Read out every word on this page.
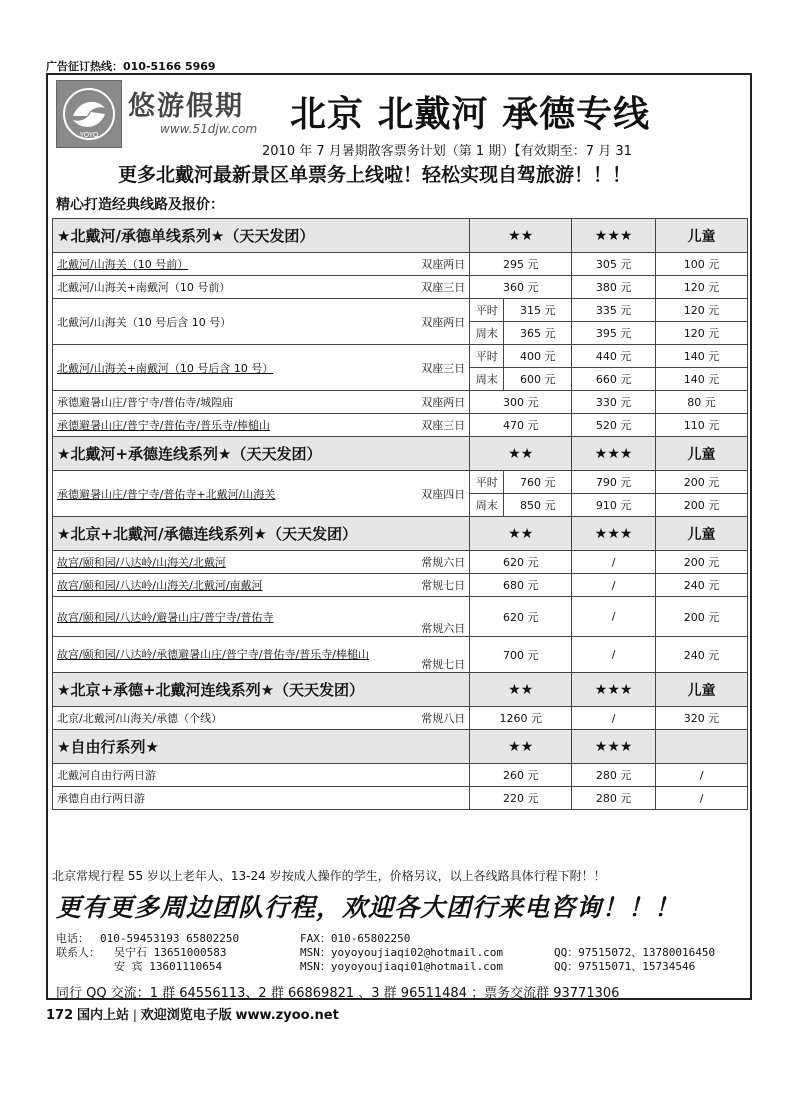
广告征订热线：010-5166 5969
YOYO
悠游假期
www.51djw.com 北京 北戴河 承德专线
2010 年 7 月暑期散客票务计划（第 1 期）【有效期至：7 月 31
更多北戴河最新景区单票务上线啦！轻松实现自驾旅游！！！
精心打造经典线路及报价：
★北戴河/承德单线系列★（天天发团）		★★		★★★	儿童
北戴河/山海关（10 号前）	双座两日	295 元		305 元	100 元
北戴河/山海关+南戴河（10 号前）	双座三日	360 元		380 元	120 元
北戴河/山海关（10 号后含 10 号）	双座两日	平时	315 元	335 元	120 元
		周末	365 元	395 元	120 元
北戴河/山海关+南戴河（10 号后含 10 号）	双座三日	平时	400 元	440 元	140 元
		周末	600 元	660 元	140 元
承德避暑山庄/普宁寺/普佑寺/城隍庙	双座两日	300 元		330 元	80 元
承德避暑山庄/普宁寺/普佑寺/普乐寺/棒槌山	双座三日	470 元		520 元	110 元
★北戴河+承德连线系列★（天天发团）		★★		★★★	儿童
承德避暑山庄/普宁寺/普佑寺+北戴河/山海关	双座四日	平时	760 元	790 元	200 元
		周末	850 元	910 元	200 元
★北京+北戴河/承德连线系列★（天天发团）		★★		★★★	儿童
故宫/颐和园/八达岭/山海关/北戴河	常规六日	620 元		/	200 元
故宫/颐和园/八达岭/山海关/北戴河/南戴河	常规七日	680 元		/	240 元
故宫/颐和园/八达岭/避暑山庄/普宁寺/普佑寺	常规六日	620 元		/	200 元
故宫/颐和园/八达岭/承德避暑山庄/普宁寺/普佑寺/普乐寺/棒槌山	常规七日	700 元		/	240 元
★北京+承德+北戴河连线系列★（天天发团）		★★		★★★	儿童
北京/北戴河/山海关/承德（个线）	常规八日	1260 元		/	320 元
★自由行系列★		★★		★★★	
北戴河自由行两日游		260 元		280 元	/
承德自由行两日游		220 元		280 元	/
北京常规行程 55 岁以上老年人、13-24 岁按成人操作的学生，价格另议，以上各线路具体行程下附！！
更有更多周边团队行程，欢迎各大团行来电咨询！！！
电话： 010-59453193 65802250	FAX：010-65802250
联系人： 吴宁石 13651000583	MSN：yoyoyoujiaqi02@hotmail.com	QQ：97515072、13780016450
安 宾 13601110654	MSN：yoyoyoujiaqi01@hotmail.com	QQ：97515071、15734546
同行 QQ 交流：1 群 64556113、2 群 66869821 、3 群 96511484 ；票务交流群 93771306
172 国内上站 | 欢迎浏览电子版 www.zyoo.net
